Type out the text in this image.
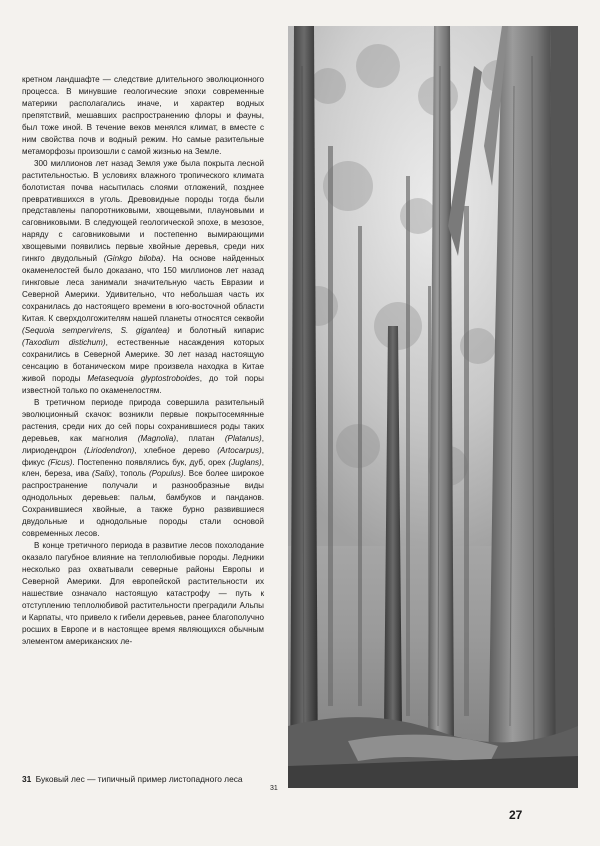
кретном ландшафте — следствие длительного эволюционного процесса. В минувшие геологические эпохи современные материки располагались иначе, и характер водных препятствий, мешавших распространению флоры и фауны, был тоже иной. В течение веков менялся климат, в вместе с ним свойства почв и водный режим. Но самые разительные метаморфозы произошли с самой жизнью на Земле.

300 миллионов лет назад Земля уже была покрыта лесной растительностью. В условиях влажного тропического климата болотистая почва насытилась слоями отложений, позднее превратившихся в уголь. Древовидные породы тогда были представлены папоротниковыми, хвощевыми, плауновыми и саговниковыми. В следующей геологической эпохе, в мезозое, наряду с саговниковыми и постепенно вымирающими хвощевыми появились первые хвойные деревья, среди них гинкго двудольный (Ginkgo biloba). На основе найденных окаменелостей было доказано, что 150 миллионов лет назад гинкговые леса занимали значительную часть Евразии и Северной Америки. Удивительно, что небольшая часть их сохранилась до настоящего времени в юго-восточной области Китая. К сверхдолгожителям нашей планеты относятся секвойи (Sequoia sempervirens, S. gigantea) и болотный кипарис (Taxodium distichum), естественные насаждения которых сохранились в Северной Америке. 30 лет назад настоящую сенсацию в ботаническом мире произвела находка в Китае живой породы Metasequoia glyptostroboides, до той поры известной только по окаменелостям.

В третичном периоде природа совершила разительный эволюционный скачок: возникли первые покрытосемянные растения, среди них до сей поры сохранившиеся роды таких деревьев, как магнолия (Magnolia), платан (Platanus), лириодендрон (Liriodendron), хлебное дерево (Artocarpus), фикус (Ficus). Постепенно появлялись бук, дуб, орех (Juglans), клен, береза, ива (Salix), тополь (Populus). Все более широкое распространение получали и разнообразные виды однодольных деревьев: пальм, бамбуков и панданов. Сохранившиеся хвойные, а также бурно развившиеся двудольные и однодольные породы стали основой современных лесов.

В конце третичного периода в развитие лесов похолодание оказало пагубное влияние на теплолюбивые породы. Ледники несколько раз охватывали северные районы Европы и Северной Америки. Для европейской растительности их нашествие означало настоящую катастрофу — путь к отступлению теплолюбивой растительности преградили Альпы и Карпаты, что привело к гибели деревьев, ранее благополучно росших в Европе и в настоящее время являющихся обычным элементом американских ле-

31 Буковый лес — типичный пример листопадного леса
31
27
